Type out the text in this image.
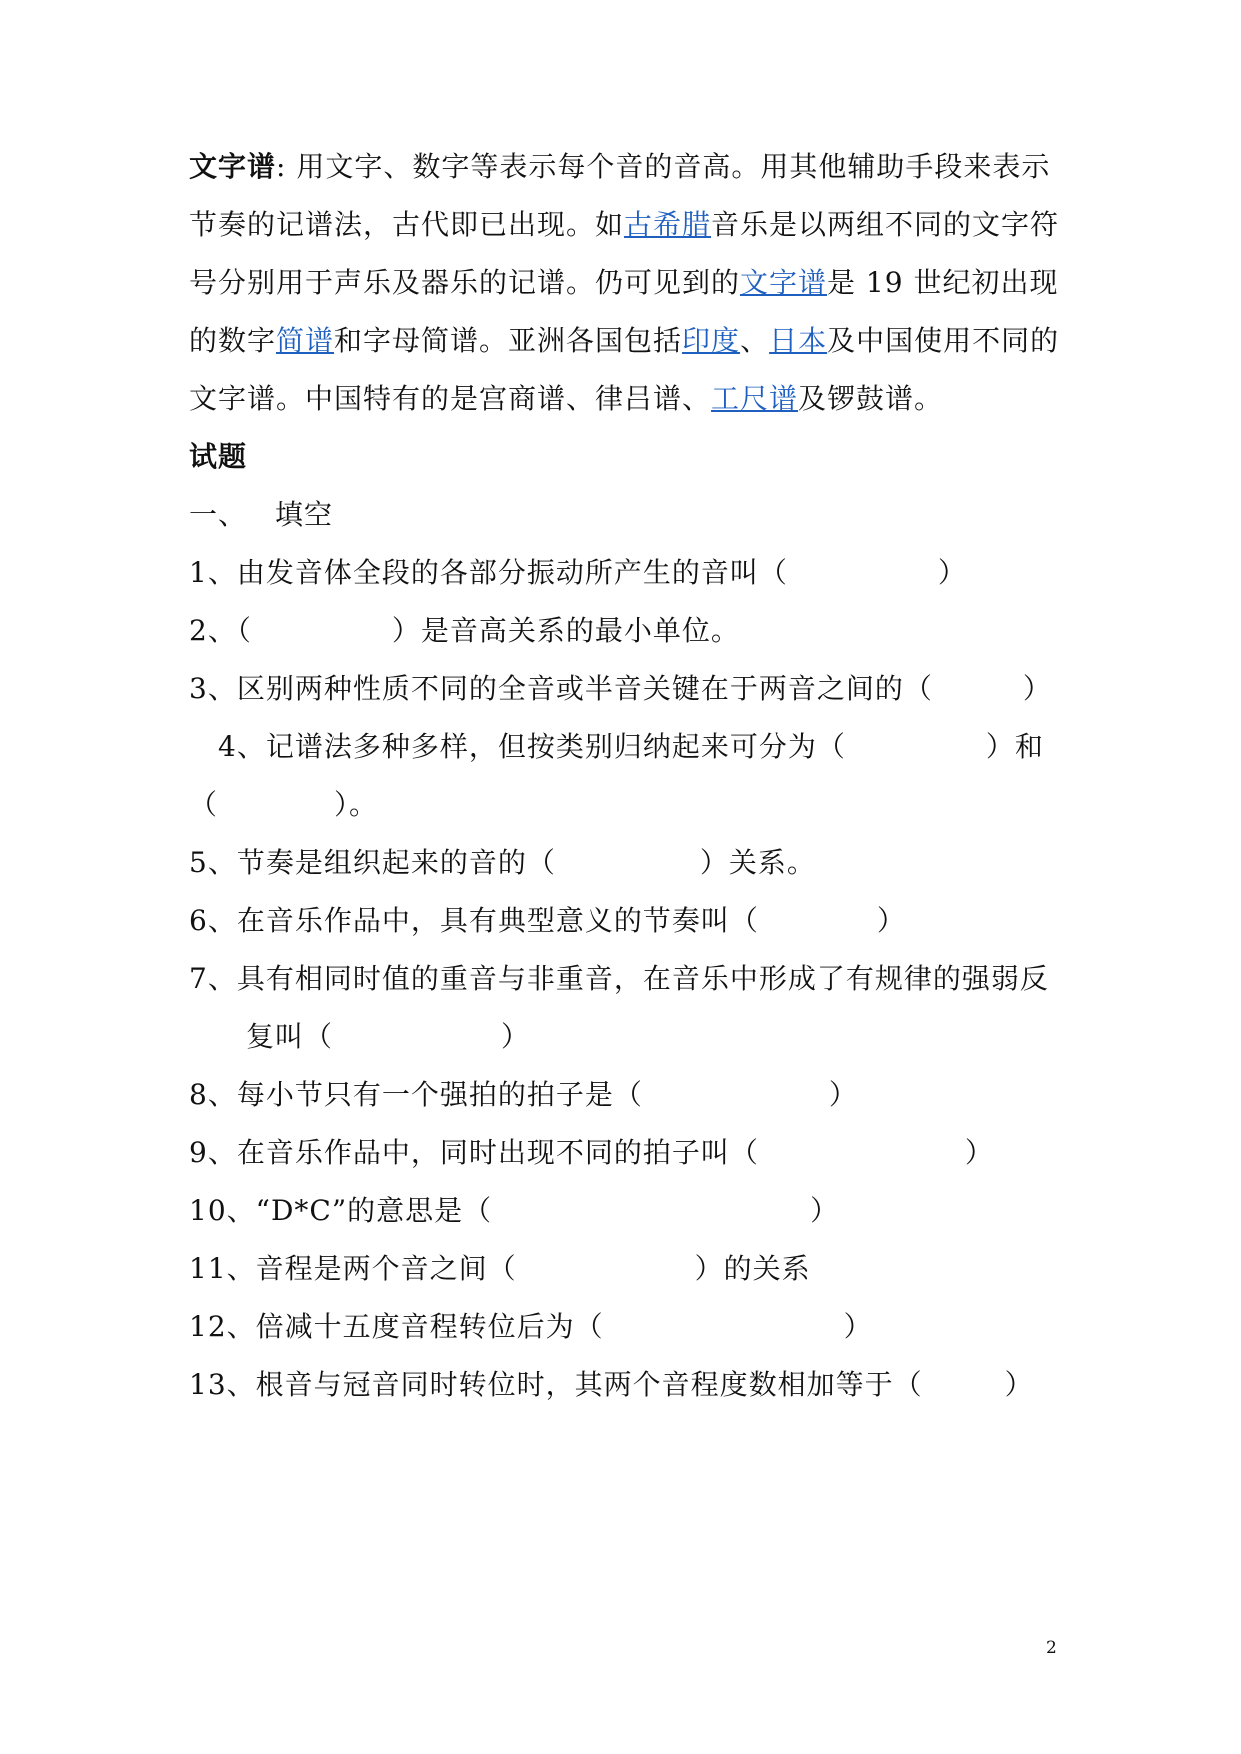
文字谱: 用文字、数字等表示每个音的音高。用其他辅助手段来表示
节奏的记谱法，古代即已出现。如古希腊音乐是以两组不同的文字符
号分别用于声乐及器乐的记谱。仍可见到的文字谱是 19 世纪初出现
的数字简谱和字母简谱。亚洲各国包括印度、日本及中国使用不同的
文字谱。中国特有的是宫商谱、律吕谱、工尺谱及锣鼓谱。
试题
一、 填空
1、由发音体全段的各部分振动所产生的音叫（	）
2、（	）是音高关系的最小单位。
3、区别两种性质不同的全音或半音关键在于两音之间的（	）
4、记谱法多种多样，但按类别归纳起来可分为（	）和
（	）。
5、节奏是组织起来的音的（	）关系。
6、在音乐作品中，具有典型意义的节奏叫（	）
7、具有相同时值的重音与非重音，在音乐中形成了有规律的强弱反
复叫（	）
8、每小节只有一个强拍的拍子是（	）
9、在音乐作品中，同时出现不同的拍子叫（	）
10、“D*C”的意思是（	）
11、音程是两个音之间（	）的关系
12、倍减十五度音程转位后为（	）
13、根音与冠音同时转位时，其两个音程度数相加等于（	）
2
